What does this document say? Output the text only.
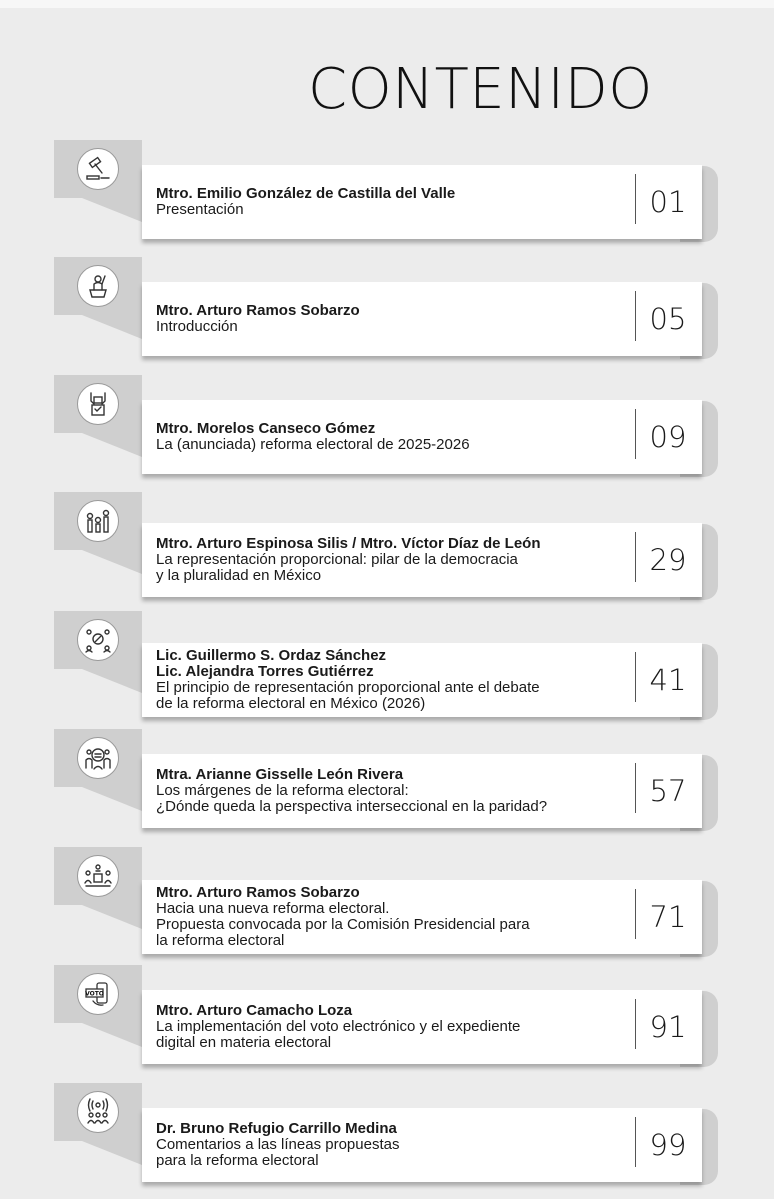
CONTENIDO
Mtro. Emilio González de Castilla del Valle
Presentación	01
Mtro. Arturo Ramos Sobarzo
Introducción	05
Mtro. Morelos Canseco Gómez
La (anunciada) reforma electoral de 2025-2026	09
Mtro. Arturo Espinosa Silis / Mtro. Víctor Díaz de León
La representación proporcional: pilar de la democracia
y la pluralidad en México	29
Lic. Guillermo S. Ordaz Sánchez
Lic. Alejandra Torres Gutiérrez
El principio de representación proporcional ante el debate
de la reforma electoral en México (2026)
41
Mtra. Arianne Gisselle León Rivera
Los márgenes de la reforma electoral:
¿Dónde queda la perspectiva interseccional en la paridad?	57
Mtro. Arturo Ramos Sobarzo
Hacia una nueva reforma electoral.
Propuesta convocada por la Comisión Presidencial para
la reforma electoral
71
VOTO
Mtro. Arturo Camacho Loza
La implementación del voto electrónico y el expediente
digital en materia electoral	91
Dr. Bruno Refugio Carrillo Medina
Comentarios a las líneas propuestas
para la reforma electoral	99
